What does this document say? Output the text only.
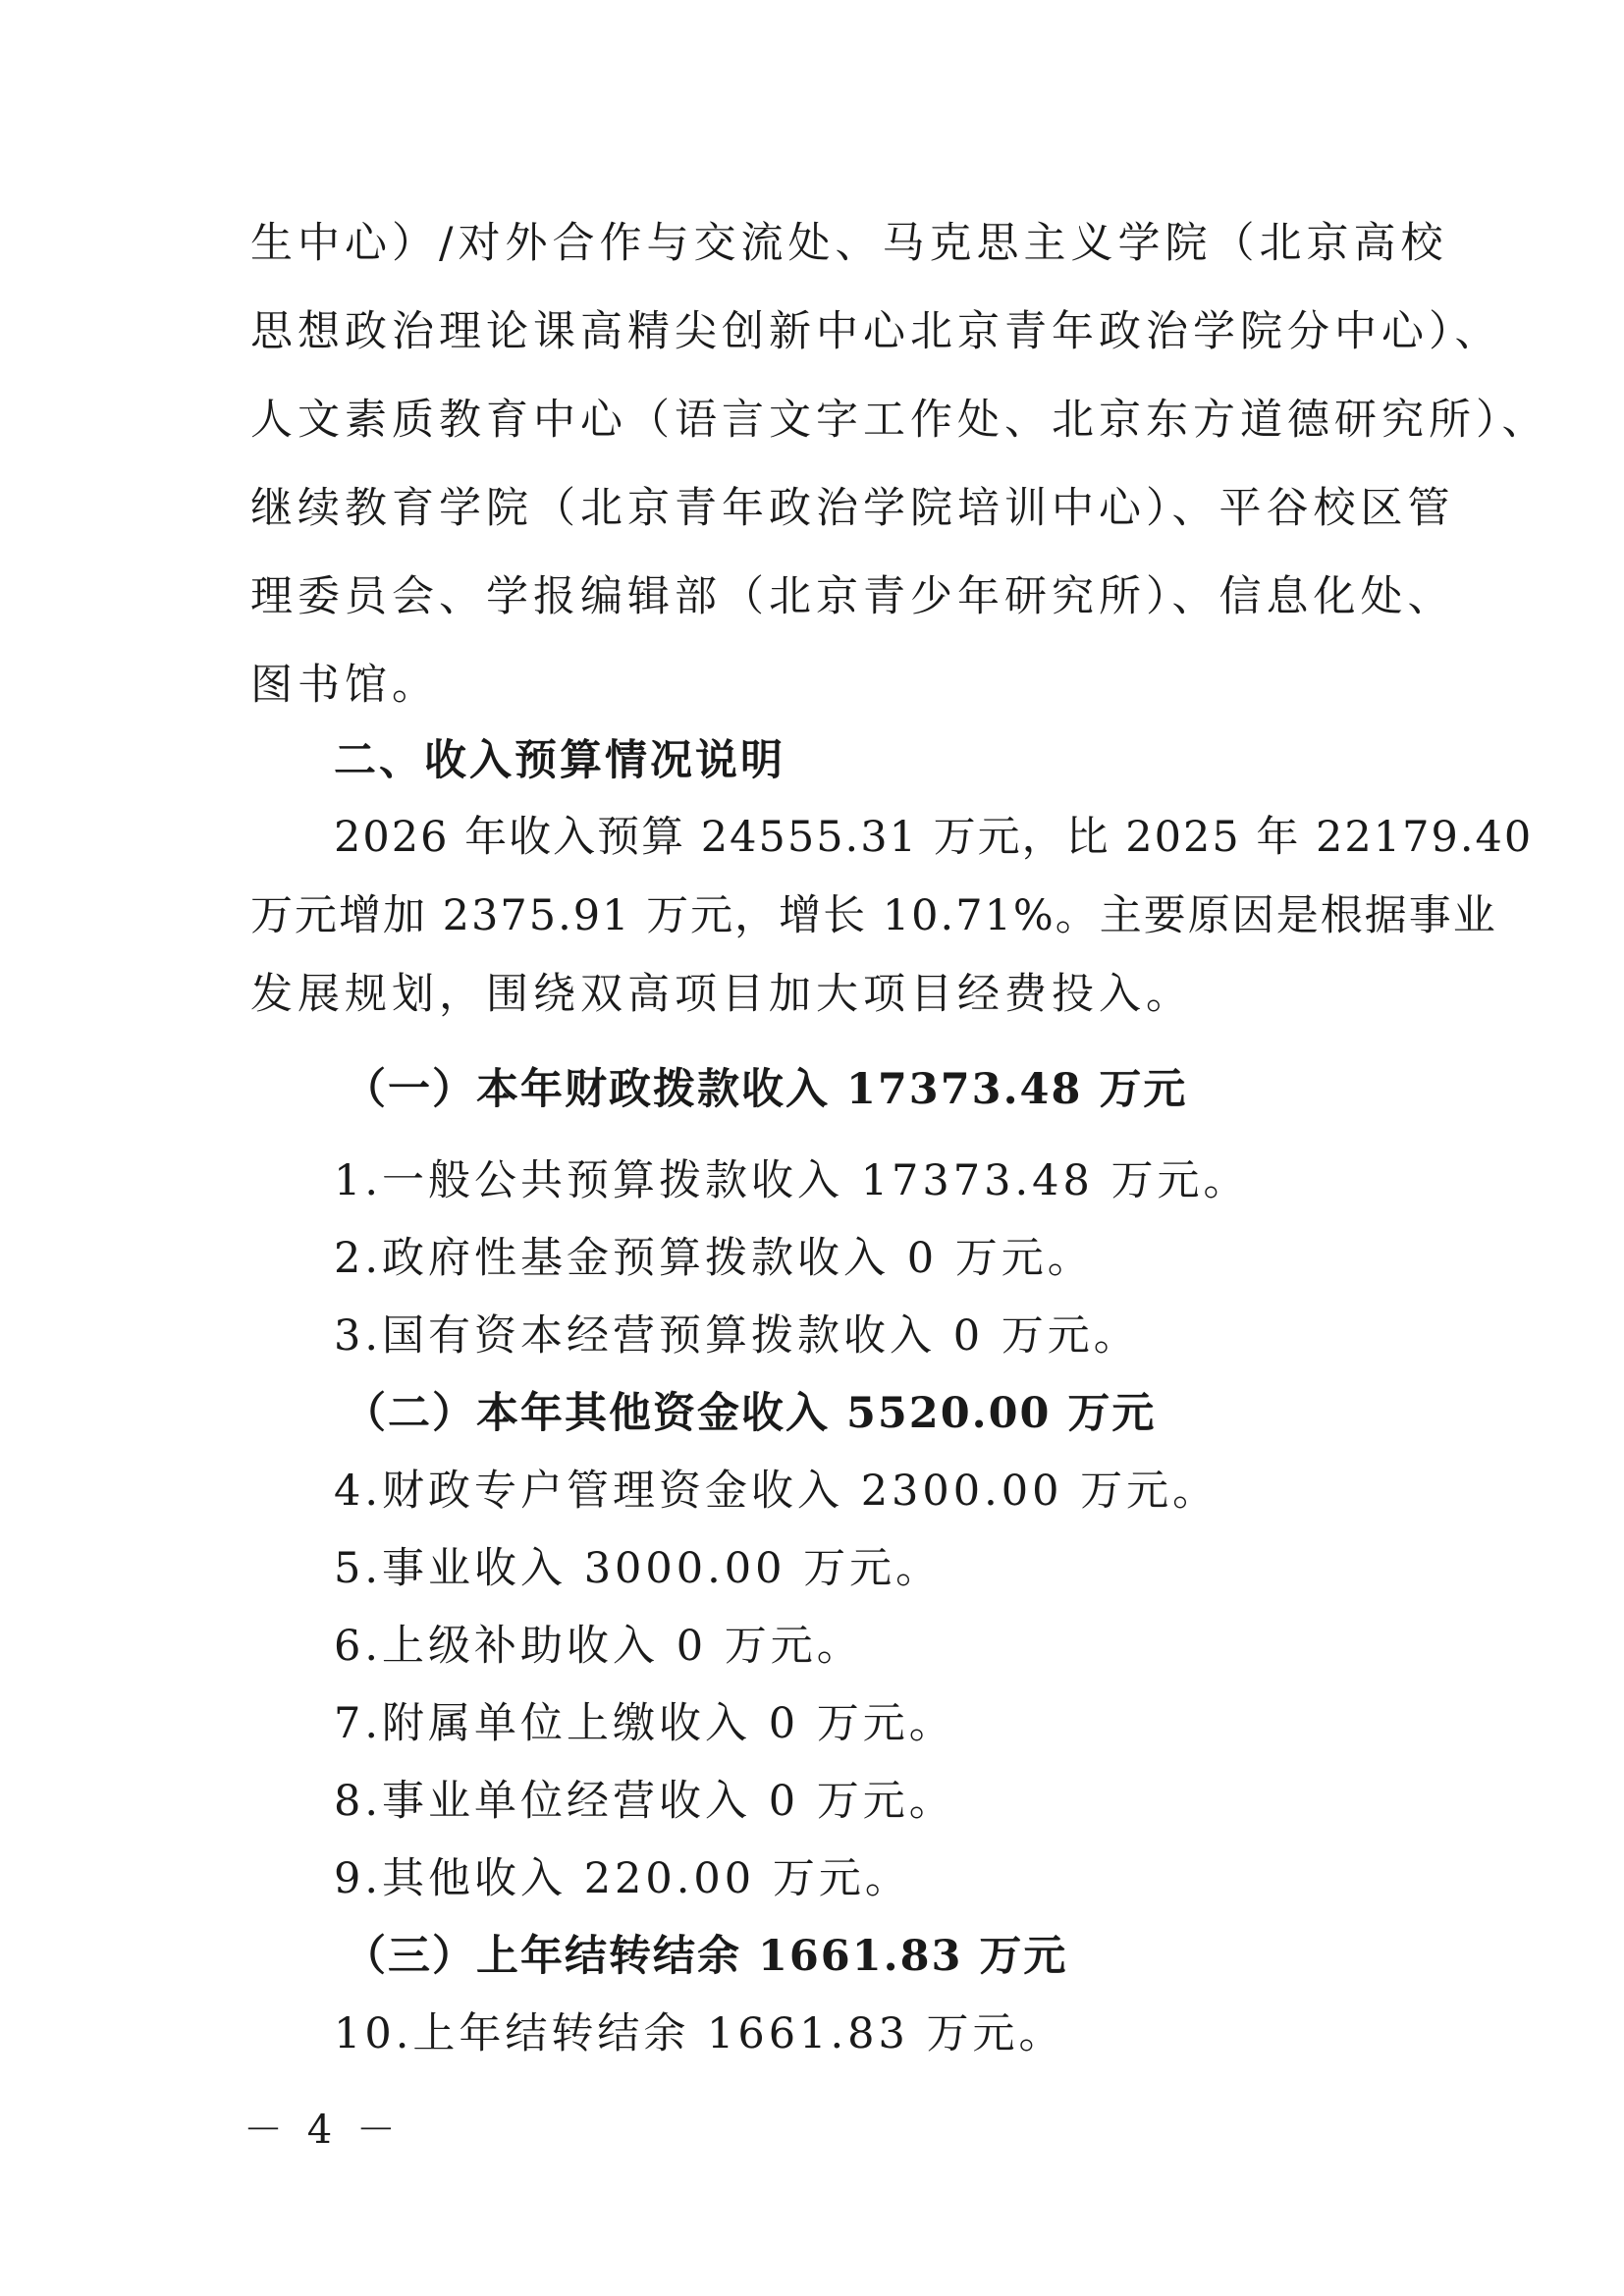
生中心）/对外合作与交流处、马克思主义学院（北京高校
思想政治理论课高精尖创新中心北京青年政治学院分中心）、
人文素质教育中心（语言文字工作处、北京东方道德研究所）、
继续教育学院（北京青年政治学院培训中心）、平谷校区管
理委员会、学报编辑部（北京青少年研究所）、信息化处、
图书馆。
二、收入预算情况说明
2026 年收入预算 24555.31 万元，比 2025 年 22179.40
万元增加 2375.91 万元，增长 10.71%。主要原因是根据事业
发展规划，围绕双高项目加大项目经费投入。
（一）本年财政拨款收入 17373.48 万元
1.一般公共预算拨款收入 17373.48 万元。
2.政府性基金预算拨款收入 0 万元。
3.国有资本经营预算拨款收入 0 万元。
（二）本年其他资金收入 5520.00 万元
4.财政专户管理资金收入 2300.00 万元。
5.事业收入 3000.00 万元。
6.上级补助收入 0 万元。
7.附属单位上缴收入 0 万元。
8.事业单位经营收入 0 万元。
9.其他收入 220.00 万元。
（三）上年结转结余 1661.83 万元
10.上年结转结余 1661.83 万元。
－ 4 －
